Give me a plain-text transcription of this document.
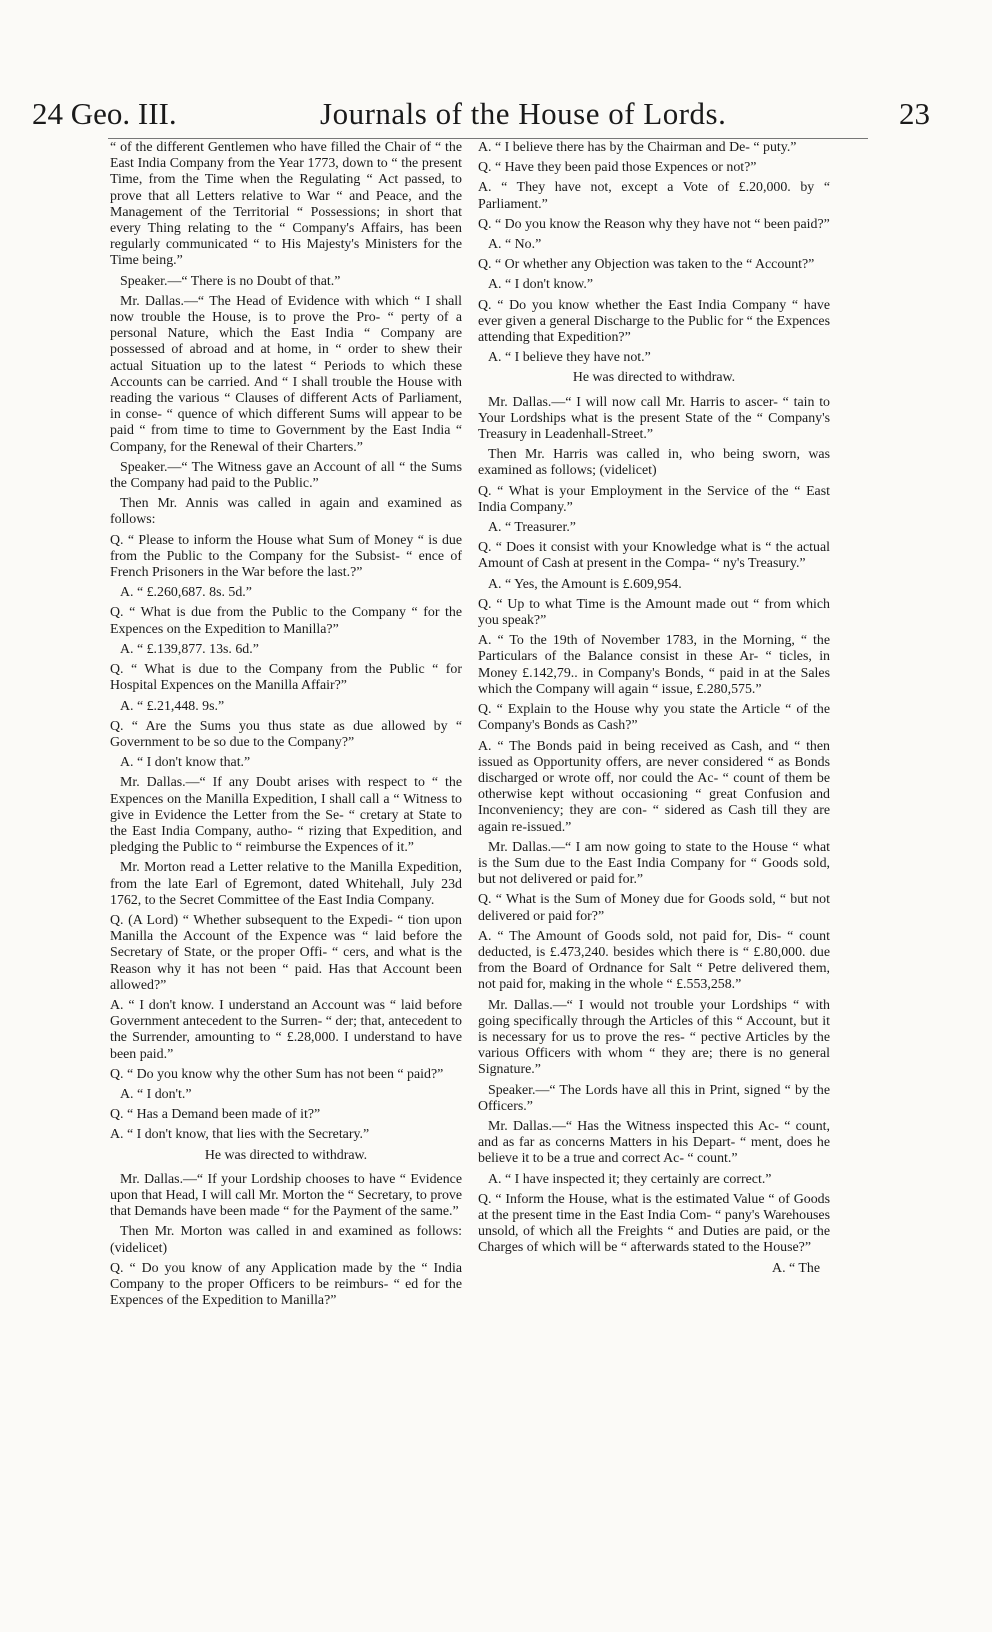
24 Geo. III.	Journals of the House of Lords.	23

“ of the different Gentlemen who have filled the Chair of “ the East India Company from the Year 1773, down to “ the present Time, from the Time when the Regulating “ Act passed, to prove that all Letters relative to War “ and Peace, and the Management of the Territorial “ Possessions; in short that every Thing relating to the “ Company's Affairs, has been regularly communicated “ to His Majesty's Ministers for the Time being.”

Speaker.—“ There is no Doubt of that.”

Mr. Dallas.—“ The Head of Evidence with which “ I shall now trouble the House, is to prove the Pro- “ perty of a personal Nature, which the East India “ Company are possessed of abroad and at home, in “ order to shew their actual Situation up to the latest “ Periods to which these Accounts can be carried. And “ I shall trouble the House with reading the various “ Clauses of different Acts of Parliament, in conse- “ quence of which different Sums will appear to be paid “ from time to time to Government by the East India “ Company, for the Renewal of their Charters.”

Speaker.—“ The Witness gave an Account of all “ the Sums the Company had paid to the Public.”

Then Mr. Annis was called in again and examined as follows:

Q. “ Please to inform the House what Sum of Money “ is due from the Public to the Company for the Subsist- “ ence of French Prisoners in the War before the last.?”

A. “ £.260,687. 8s. 5d.”

Q. “ What is due from the Public to the Company “ for the Expences on the Expedition to Manilla?”

A. “ £.139,877. 13s. 6d.”

Q. “ What is due to the Company from the Public “ for Hospital Expences on the Manilla Affair?”

A. “ £.21,448. 9s.”

Q. “ Are the Sums you thus state as due allowed by “ Government to be so due to the Company?”

A. “ I don't know that.”

Mr. Dallas.—“ If any Doubt arises with respect to “ the Expences on the Manilla Expedition, I shall call a “ Witness to give in Evidence the Letter from the Se- “ cretary at State to the East India Company, autho- “ rizing that Expedition, and pledging the Public to “ reimburse the Expences of it.”

Mr. Morton read a Letter relative to the Manilla Expedition, from the late Earl of Egremont, dated Whitehall, July 23d 1762, to the Secret Committee of the East India Company.

Q. (A Lord) “ Whether subsequent to the Expedi- “ tion upon Manilla the Account of the Expence was “ laid before the Secretary of State, or the proper Offi- “ cers, and what is the Reason why it has not been “ paid. Has that Account been allowed?”

A. “ I don't know. I understand an Account was “ laid before Government antecedent to the Surren- “ der; that, antecedent to the Surrender, amounting to “ £.28,000. I understand to have been paid.”

Q. “ Do you know why the other Sum has not been “ paid?”

A. “ I don't.”

Q. “ Has a Demand been made of it?”

A. “ I don't know, that lies with the Secretary.”

He was directed to withdraw.

Mr. Dallas.—“ If your Lordship chooses to have “ Evidence upon that Head, I will call Mr. Morton the “ Secretary, to prove that Demands have been made “ for the Payment of the same.”

Then Mr. Morton was called in and examined as follows: (videlicet)

Q. “ Do you know of any Application made by the “ India Company to the proper Officers to be reimburs- “ ed for the Expences of the Expedition to Manilla?”

A. “ I believe there has by the Chairman and De- “ puty.”

Q. “ Have they been paid those Expences or not?”

A. “ They have not, except a Vote of £.20,000. by “ Parliament.”

Q. “ Do you know the Reason why they have not “ been paid?”

A. “ No.”

Q. “ Or whether any Objection was taken to the “ Account?”

A. “ I don't know.”

Q. “ Do you know whether the East India Company “ have ever given a general Discharge to the Public for “ the Expences attending that Expedition?”

A. “ I believe they have not.”

He was directed to withdraw.

Mr. Dallas.—“ I will now call Mr. Harris to ascer- “ tain to Your Lordships what is the present State of the “ Company's Treasury in Leadenhall-Street.”

Then Mr. Harris was called in, who being sworn, was examined as follows; (videlicet)

Q. “ What is your Employment in the Service of the “ East India Company.”

A. “ Treasurer.”

Q. “ Does it consist with your Knowledge what is “ the actual Amount of Cash at present in the Compa- “ ny's Treasury.”

A. “ Yes, the Amount is £.609,954.

Q. “ Up to what Time is the Amount made out “ from which you speak?”

A. “ To the 19th of November 1783, in the Morning, “ the Particulars of the Balance consist in these Ar- “ ticles, in Money £.142,79.. in Company's Bonds, “ paid in at the Sales which the Company will again “ issue, £.280,575.”

Q. “ Explain to the House why you state the Article “ of the Company's Bonds as Cash?”

A. “ The Bonds paid in being received as Cash, and “ then issued as Opportunity offers, are never considered “ as Bonds discharged or wrote off, nor could the Ac- “ count of them be otherwise kept without occasioning “ great Confusion and Inconveniency; they are con- “ sidered as Cash till they are again re-issued.”

Mr. Dallas.—“ I am now going to state to the House “ what is the Sum due to the East India Company for “ Goods sold, but not delivered or paid for.”

Q. “ What is the Sum of Money due for Goods sold, “ but not delivered or paid for?”

A. “ The Amount of Goods sold, not paid for, Dis- “ count deducted, is £.473,240. besides which there is “ £.80,000. due from the Board of Ordnance for Salt “ Petre delivered them, not paid for, making in the whole “ £.553,258.”

Mr. Dallas.—“ I would not trouble your Lordships “ with going specifically through the Articles of this “ Account, but it is necessary for us to prove the res- “ pective Articles by the various Officers with whom “ they are; there is no general Signature.”

Speaker.—“ The Lords have all this in Print, signed “ by the Officers.”

Mr. Dallas.—“ Has the Witness inspected this Ac- “ count, and as far as concerns Matters in his Depart- “ ment, does he believe it to be a true and correct Ac- “ count.”

A. “ I have inspected it; they certainly are correct.”

Q. “ Inform the House, what is the estimated Value “ of Goods at the present time in the East India Com- “ pany's Warehouses unsold, of which all the Freights “ and Duties are paid, or the Charges of which will be “ afterwards stated to the House?”

A. “ The
